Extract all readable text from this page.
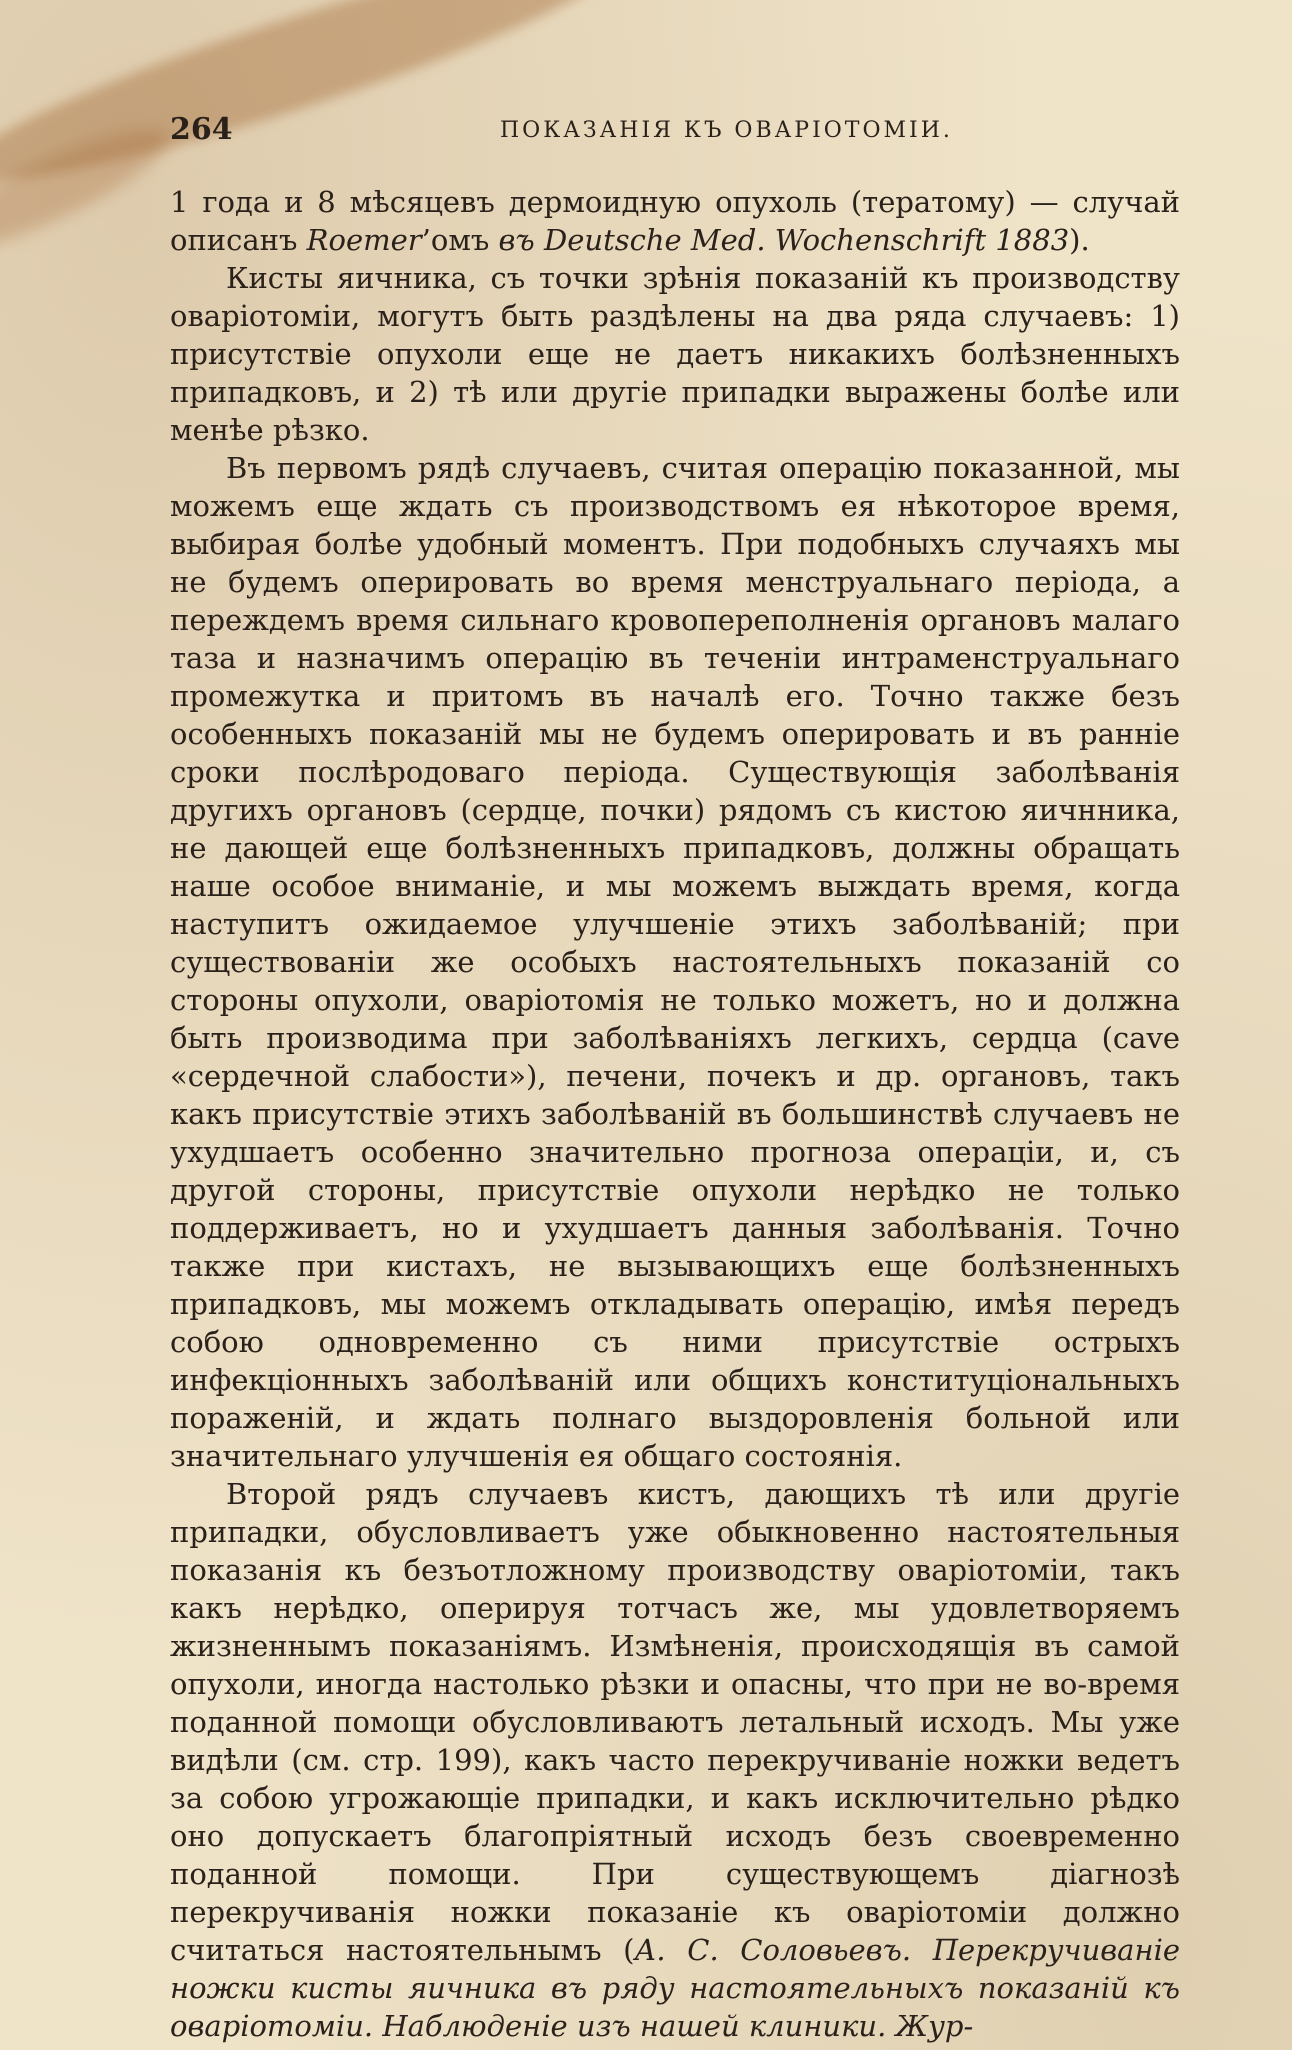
264	ПОКАЗАНІЯ КЪ ОВАРІОТОМІИ.

1 года и 8 мѣсяцевъ дермоидную опухоль (тератому) — случай описанъ Roemer’омъ въ Deutsche Med. Wochenschrift 1883).

Кисты яичника, съ точки зрѣнія показаній къ производству оваріотоміи, могутъ быть раздѣлены на два ряда случаевъ: 1) присутствіе опухоли еще не даетъ никакихъ болѣзненныхъ припадковъ, и 2) тѣ или другіе припадки выражены болѣе или менѣе рѣзко.

Въ первомъ рядѣ случаевъ, считая операцію показанной, мы можемъ еще ждать съ производствомъ ея нѣкоторое время, выбирая болѣе удобный моментъ. При подобныхъ случаяхъ мы не будемъ оперировать во время менструальнаго періода, а переждемъ время сильнаго кровопереполненія органовъ малаго таза и назначимъ операцію въ теченіи интраменструальнаго промежутка и притомъ въ началѣ его. Точно также безъ особенныхъ показаній мы не будемъ оперировать и въ ранніе сроки послѣродоваго періода. Существующія заболѣванія другихъ органовъ (сердце, почки) рядомъ съ кистою яичнника, не дающей еще болѣзненныхъ припадковъ, должны обращать наше особое вниманіе, и мы можемъ выждать время, когда наступитъ ожидаемое улучшеніе этихъ заболѣваній; при существованіи же особыхъ настоятельныхъ показаній со стороны опухоли, оваріотомія не только можетъ, но и должна быть производима при заболѣваніяхъ легкихъ, сердца (cave «сердечной слабости»), печени, почекъ и др. органовъ, такъ какъ присутствіе этихъ заболѣваній въ большинствѣ случаевъ не ухудшаетъ особенно значительно прогноза операціи, и, съ другой стороны, присутствіе опухоли нерѣдко не только поддерживаетъ, но и ухудшаетъ данныя заболѣванія. Точно также при кистахъ, не вызывающихъ еще болѣзненныхъ припадковъ, мы можемъ откладывать операцію, имѣя передъ собою одновременно съ ними присутствіе острыхъ инфекціонныхъ заболѣваній или общихъ конституціональныхъ пораженій, и ждать полнаго выздоровленія больной или значительнаго улучшенія ея общаго состоянія.

Второй рядъ случаевъ кистъ, дающихъ тѣ или другіе припадки, обусловливаетъ уже обыкновенно настоятельныя показанія къ безъотложному производству оваріотоміи, такъ какъ нерѣдко, оперируя тотчасъ же, мы удовлетворяемъ жизненнымъ показаніямъ. Измѣненія, происходящія въ самой опухоли, иногда настолько рѣзки и опасны, что при не во-время поданной помощи обусловливаютъ летальный исходъ. Мы уже видѣли (см. стр. 199), какъ часто перекручиваніе ножки ведетъ за собою угрожающіе припадки, и какъ исключительно рѣдко оно допускаетъ благопріятный исходъ безъ своевременно поданной помощи. При существующемъ діагнозѣ перекручиванія ножки показаніе къ оваріотоміи должно считаться настоятельнымъ (А. С. Соловьевъ. Перекручиваніе ножки кисты яичника въ ряду настоятельныхъ показаній къ оваріотоміи. Наблюденіе изъ нашей клиники. Жур-
